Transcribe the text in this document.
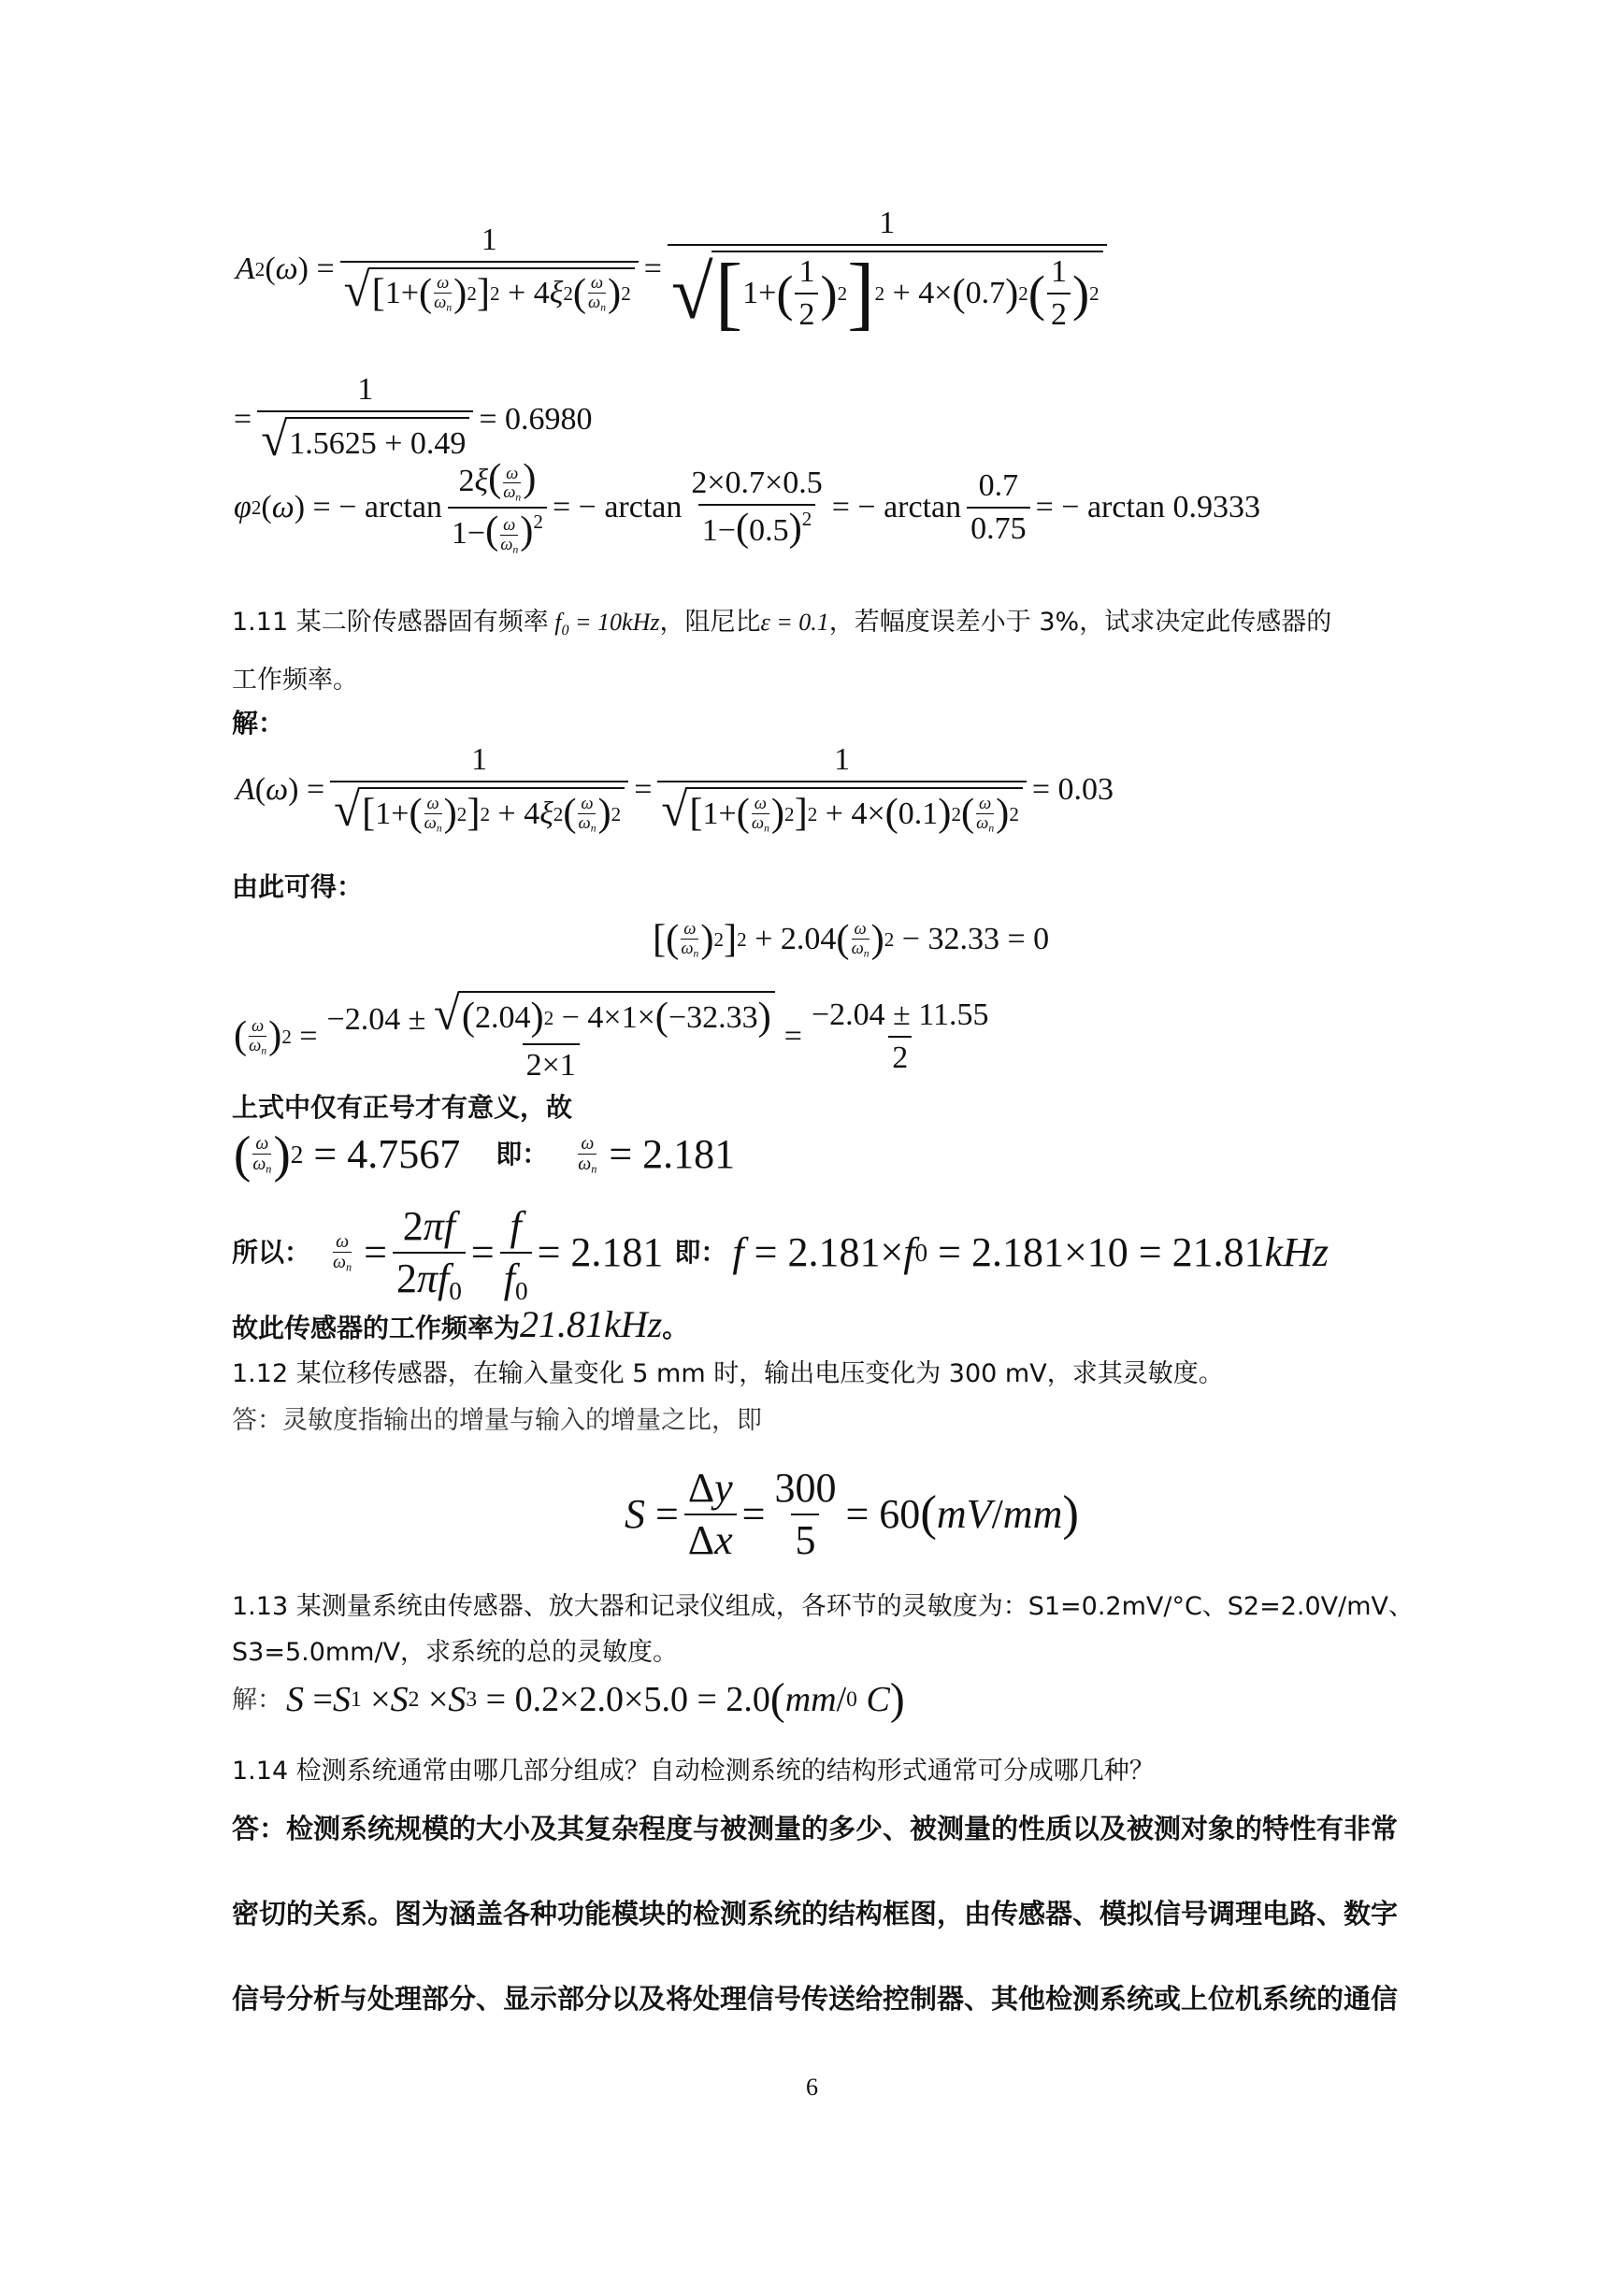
A 2 ( ω ) = 1
√ [ 1+ ( ω
$\omega_n$ ) 2 ] 2 + 4 ξ 2 ( ω
$\omega_n$ ) $2 = \frac{1}{√ [ 1+ ( \frac{1}{2} ) 2 ] 2 + 4\times ( 0.7 ) 2 ( \frac{1}{2} ) 2}$
= $\frac{1}{√ 1.5625 + 0.49} = 0.6980$
φ 2 ( ω ) = − $\arctan \frac{2\xi( \frac{\omega}{\omega_n} )}{1-( \frac{\omega}{\omega_n} )^2}$ = − $\arctan \frac{2\times 0.7\times 0.5}{1-(0.5)^2}$ = − $\arctan \frac{0.7}{0.75}$ = − arctan 0.9333
1.11 某二阶传感器固有频率 $f_0 = 10kHz$，阻尼比ε = 0.1，若幅度误差小于 3%，试求决定此传感器的
工作频率。
解：
A ( ω ) = 1
√ [ 1+ ( ω
$\omega_n$ ) 2 ] 2 + 4 ξ 2 ( ω
$\omega_n$ ) 2 = 1
√ [ 1+ ( ω
$\omega_n$ ) 2 ] 2 + 4× ( 0.1 ) 2 ( ω
$\omega_n$ ) 2 = 0.03
由此可得：
[ ( ω
$\omega_n$ ) 2 ] 2 + 2.04 ( ω
$\omega_n$ ) 2 − 32.33 = 0
( ω
$\omega_n$ ) $2 = \frac{-2.04 \pm √ ( 2.04 ) 2 - 4\times 1\times ( -32.33 )}{2\times 1} = \frac{-2.04 \pm 11.55}{2}$
上式中仅有正号才有意义，故
( ω
$\omega_n$ ) 2 = 4.7567 即： ω
$\omega_n = 2.181$
所以： ω
$\omega_n = \frac{2\pi f}{2\pi f_0} = \frac{f}{f_0} = 2.181$ 即： f = 2.181× f 0 = 2.181×10 = 21.81 kHz
故此传感器的工作频率为21.81kHz。
1.12 某位移传感器，在输入量变化 5 mm 时，输出电压变化为 300 mV，求其灵敏度。
答：灵敏度指输出的增量与输入的增量之比，即
$S = \frac{\Delta y}{\Delta x} = \frac{300}{5} = 60$ ( mV / mm )
1.13 某测量系统由传感器、放大器和记录仪组成，各环节的灵敏度为：S1=0.2mV/°C、S2=2.0V/mV、
S3=5.0mm/V，求系统的总的灵敏度。
解： S = S 1 × S 2 × S 3 = 0.2×2.0×5.0 = 2.0 ( mm / 0
C )
1.14 检测系统通常由哪几部分组成？自动检测系统的结构形式通常可分成哪几种？
答：检测系统规模的大小及其复杂程度与被测量的多少、被测量的性质以及被测对象的特性有非常
密切的关系。图为涵盖各种功能模块的检测系统的结构框图，由传感器、模拟信号调理电路、数字
信号分析与处理部分、显示部分以及将处理信号传送给控制器、其他检测系统或上位机系统的通信
6
